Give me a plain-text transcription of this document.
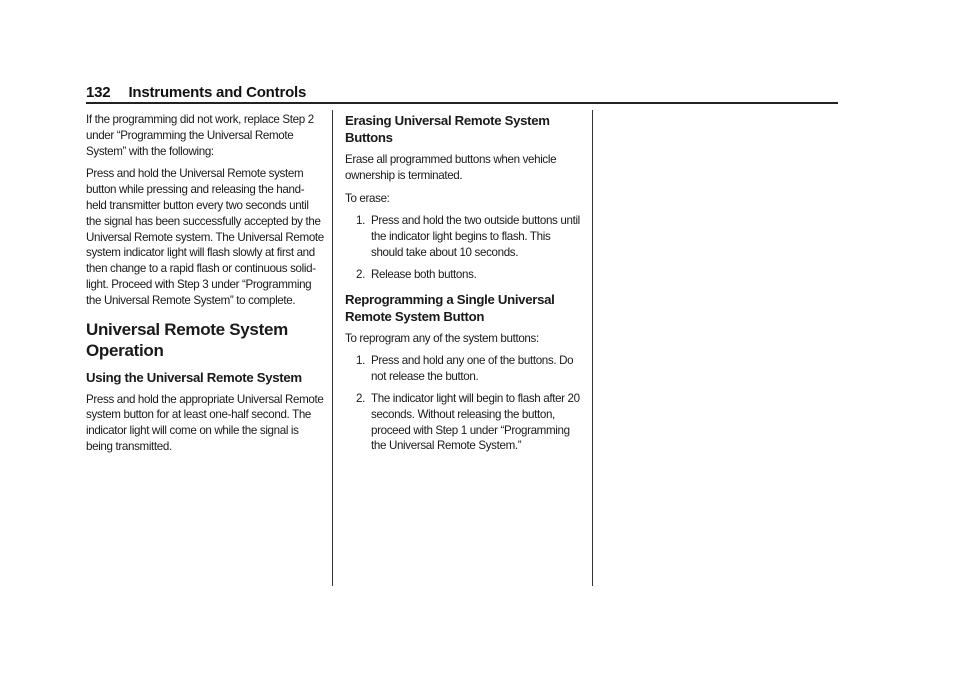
132 Instruments and Controls

If the programming did not work, replace Step 2 under “Programming the Universal Remote System” with the following:

Press and hold the Universal Remote system button while pressing and releasing the hand-held transmitter button every two seconds until the signal has been successfully accepted by the Universal Remote system. The Universal Remote system indicator light will flash slowly at first and then change to a rapid flash or continuous solid-light. Proceed with Step 3 under “Programming the Universal Remote System” to complete.

Universal Remote System Operation
Using the Universal Remote System

Press and hold the appropriate Universal Remote system button for at least one-half second. The indicator light will come on while the signal is being transmitted.

Erasing Universal Remote System Buttons

Erase all programmed buttons when vehicle ownership is terminated.

To erase:

1. Press and hold the two outside buttons until the indicator light begins to flash. This should take about 10 seconds.
2. Release both buttons.
Reprogramming a Single Universal Remote System Button

To reprogram any of the system buttons:

1. Press and hold any one of the buttons. Do not release the button.
2. The indicator light will begin to flash after 20 seconds. Without releasing the button, proceed with Step 1 under “Programming the Universal Remote System.”
